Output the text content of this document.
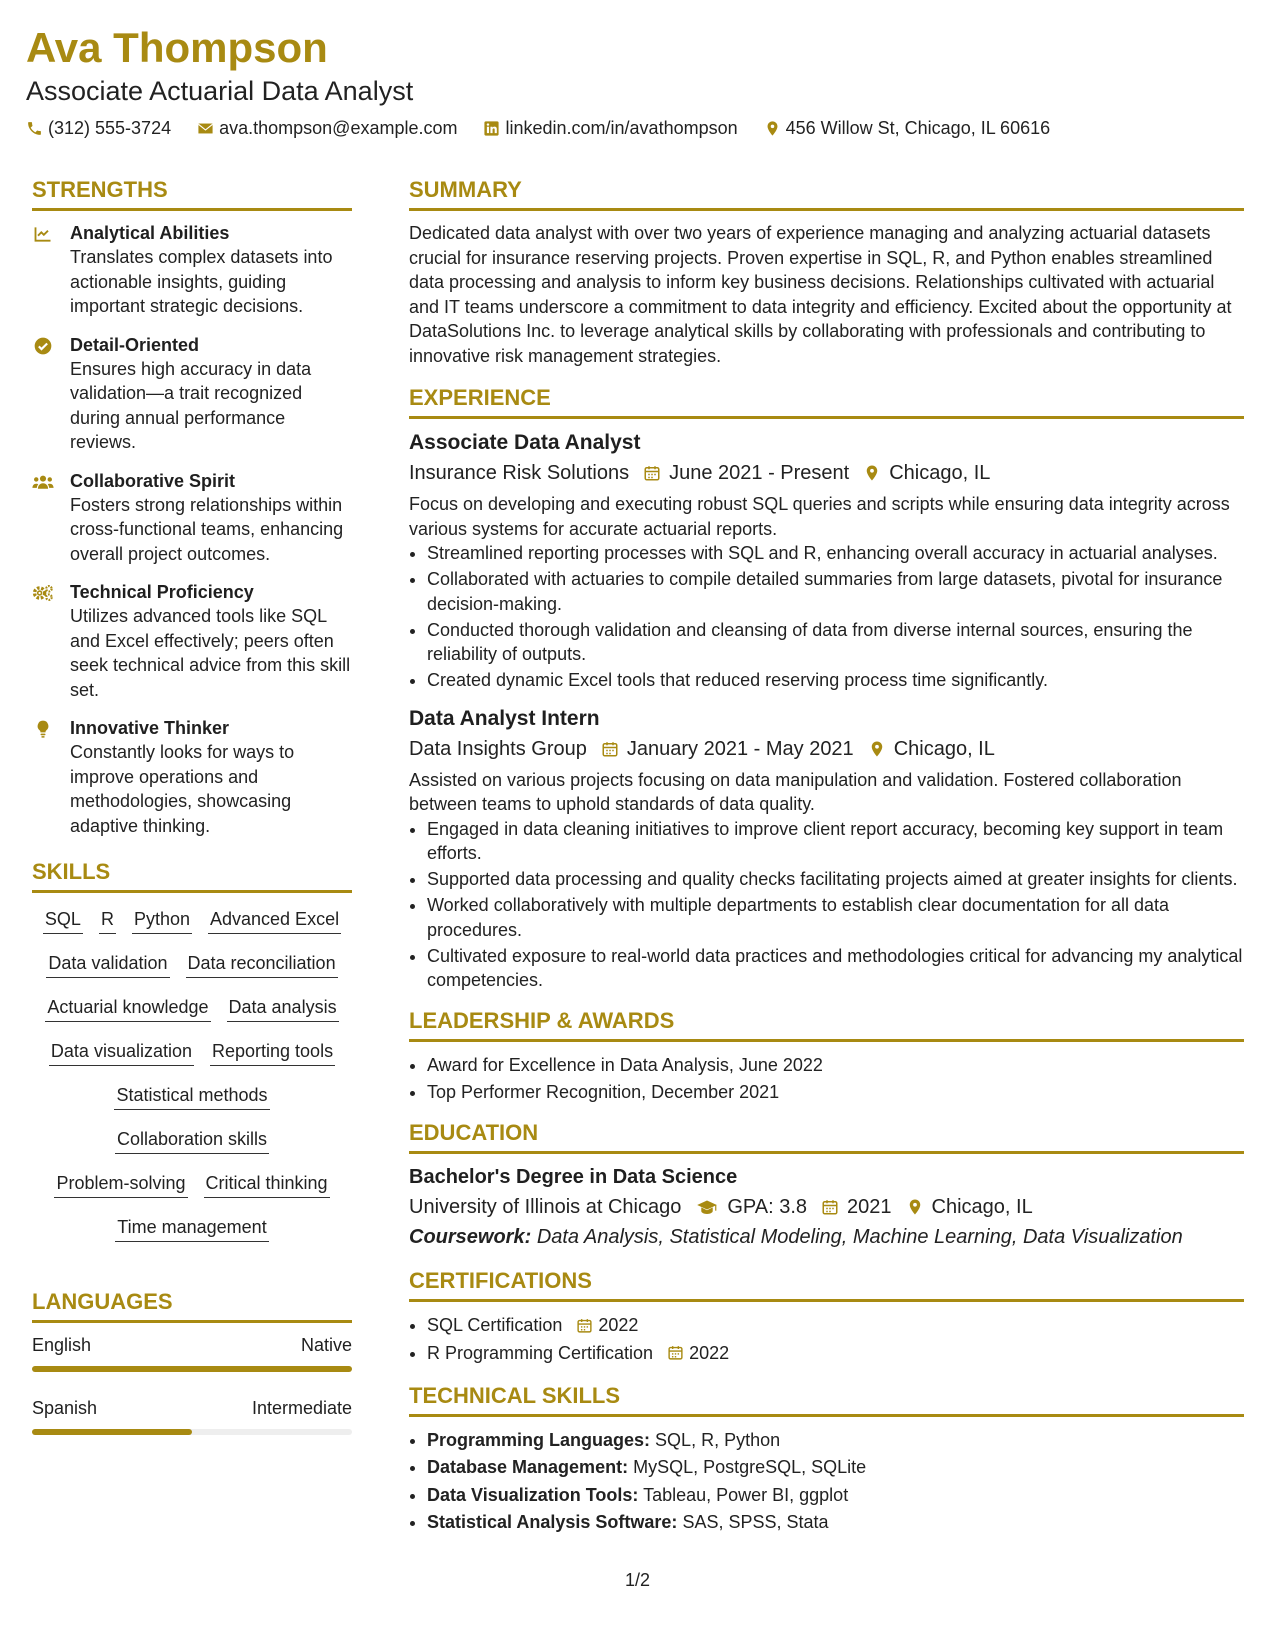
Ava Thompson

Associate Actuarial Data Analyst

(312) 555-3724	ava.thompson@example.com	linkedin.com/in/avathompson	456 Willow St, Chicago, IL 60616
STRENGTHS
Analytical Abilities
Translates complex datasets into actionable insights, guiding important strategic decisions.
Detail-Oriented
Ensures high accuracy in data validation—a trait recognized during annual performance reviews.
Collaborative Spirit
Fosters strong relationships within cross-functional teams, enhancing overall project outcomes.
Technical Proficiency
Utilizes advanced tools like SQL and Excel effectively; peers often seek technical advice from this skill set.
Innovative Thinker
Constantly looks for ways to improve operations and methodologies, showcasing adaptive thinking.
SKILLS
SQL R Python Advanced Excel
Data validation Data reconciliation
Actuarial knowledge Data analysis
Data visualization Reporting tools
Statistical methods
Collaboration skills
Problem-solving Critical thinking
Time management
LANGUAGES
English	Native
Spanish	Intermediate
SUMMARY

Dedicated data analyst with over two years of experience managing and analyzing actuarial datasets crucial for insurance reserving projects. Proven expertise in SQL, R, and Python enables streamlined data processing and analysis to inform key business decisions. Relationships cultivated with actuarial and IT teams underscore a commitment to data integrity and efficiency. Excited about the opportunity at DataSolutions Inc. to leverage analytical skills by collaborating with professionals and contributing to innovative risk management strategies.

EXPERIENCE
Associate Data Analyst
Insurance Risk Solutions June 2021 - Present Chicago, IL

Focus on developing and executing robust SQL queries and scripts while ensuring data integrity across various systems for accurate actuarial reports.

• Streamlined reporting processes with SQL and R, enhancing overall accuracy in actuarial analyses.
• Collaborated with actuaries to compile detailed summaries from large datasets, pivotal for insurance decision-making.
• Conducted thorough validation and cleansing of data from diverse internal sources, ensuring the reliability of outputs.
• Created dynamic Excel tools that reduced reserving process time significantly.
Data Analyst Intern
Data Insights Group January 2021 - May 2021 Chicago, IL

Assisted on various projects focusing on data manipulation and validation. Fostered collaboration between teams to uphold standards of data quality.

• Engaged in data cleaning initiatives to improve client report accuracy, becoming key support in team efforts.
• Supported data processing and quality checks facilitating projects aimed at greater insights for clients.
• Worked collaboratively with multiple departments to establish clear documentation for all data procedures.
• Cultivated exposure to real-world data practices and methodologies critical for advancing my analytical competencies.
LEADERSHIP & AWARDS
• Award for Excellence in Data Analysis, June 2022
• Top Performer Recognition, December 2021
EDUCATION
Bachelor's Degree in Data Science
University of Illinois at Chicago GPA: 3.8 2021 Chicago, IL
Coursework: Data Analysis, Statistical Modeling, Machine Learning, Data Visualization
CERTIFICATIONS
• SQL Certification 2022
• R Programming Certification 2022
TECHNICAL SKILLS
• Programming Languages: SQL, R, Python
• Database Management: MySQL, PostgreSQL, SQLite
• Data Visualization Tools: Tableau, Power BI, ggplot
• Statistical Analysis Software: SAS, SPSS, Stata
1/2
